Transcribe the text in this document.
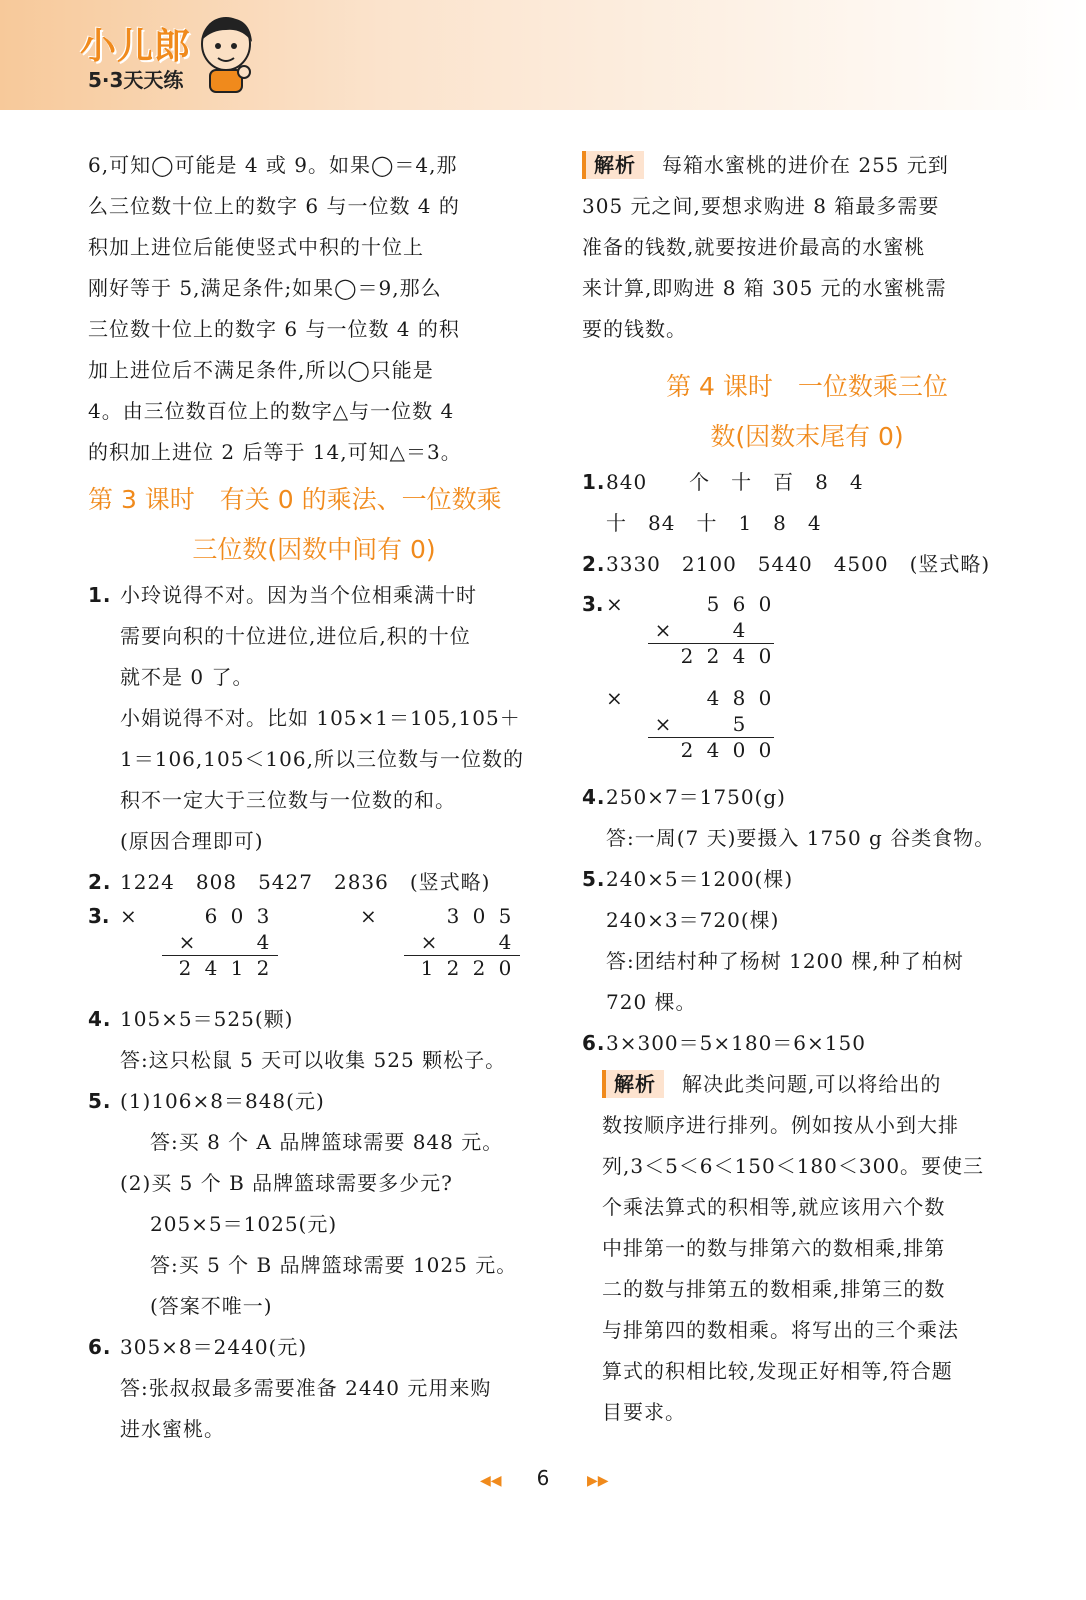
小儿郎
5·3天天练
6,可知◯可能是 4 或 9。如果◯＝4,那
么三位数十位上的数字 6 与一位数 4 的
积加上进位后能使竖式中积的十位上
刚好等于 5,满足条件;如果◯＝9,那么
三位数十位上的数字 6 与一位数 4 的积
加上进位后不满足条件,所以◯只能是
4。由三位数百位上的数字△与一位数 4
的积加上进位 2 后等于 14,可知△＝3。
第 3 课时　有关 0 的乘法、一位数乘
三位数(因数中间有 0)
1. 小玲说得不对。因为当个位相乘满十时
需要向积的十位进位,进位后,积的十位
就不是 0 了。
小娟说得不对。比如 105×1＝105,105＋
1＝106,105＜106,所以三位数与一位数的
积不一定大于三位数与一位数的和。
(原因合理即可)
2. 1224　808　5427　2836　(竖式略)
3. ×	6 0 3
×	4
2 4 1 2
×	3 0 5
×	4
1 2 2 0
4. 105×5＝525(颗)
答:这只松鼠 5 天可以收集 525 颗松子。
5. (1)106×8＝848(元)
答:买 8 个 A 品牌篮球需要 848 元。
(2)买 5 个 B 品牌篮球需要多少元?
205×5＝1025(元)
答:买 5 个 B 品牌篮球需要 1025 元。
(答案不唯一)
6. 305×8＝2440(元)
答:张叔叔最多需要准备 2440 元用来购
进水蜜桃。
解析 每箱水蜜桃的进价在 255 元到
305 元之间,要想求购进 8 箱最多需要
准备的钱数,就要按进价最高的水蜜桃
来计算,即购进 8 箱 305 元的水蜜桃需
要的钱数。
第 4 课时　一位数乘三位
数(因数末尾有 0)
1. 840　　个　十　百　8　4
十　84　十　1　8　4
2. 3330　2100　5440　4500　(竖式略)
3. ×	5 6 0
×	4
2 2 4 0
×	4 8 0
×	5
2 4 0 0
4. 250×7＝1750(g)
答:一周(7 天)要摄入 1750 g 谷类食物。
5. 240×5＝1200(棵)
240×3＝720(棵)
答:团结村种了杨树 1200 棵,种了柏树
720 棵。
6. 3×300＝5×180＝6×150
解析 解决此类问题,可以将给出的
数按顺序进行排列。例如按从小到大排
列,3＜5＜6＜150＜180＜300。要使三
个乘法算式的积相等,就应该用六个数
中排第一的数与排第六的数相乘,排第
二的数与排第五的数相乘,排第三的数
与排第四的数相乘。将写出的三个乘法
算式的积相比较,发现正好相等,符合题
目要求。
◀◀	6	▶▶
